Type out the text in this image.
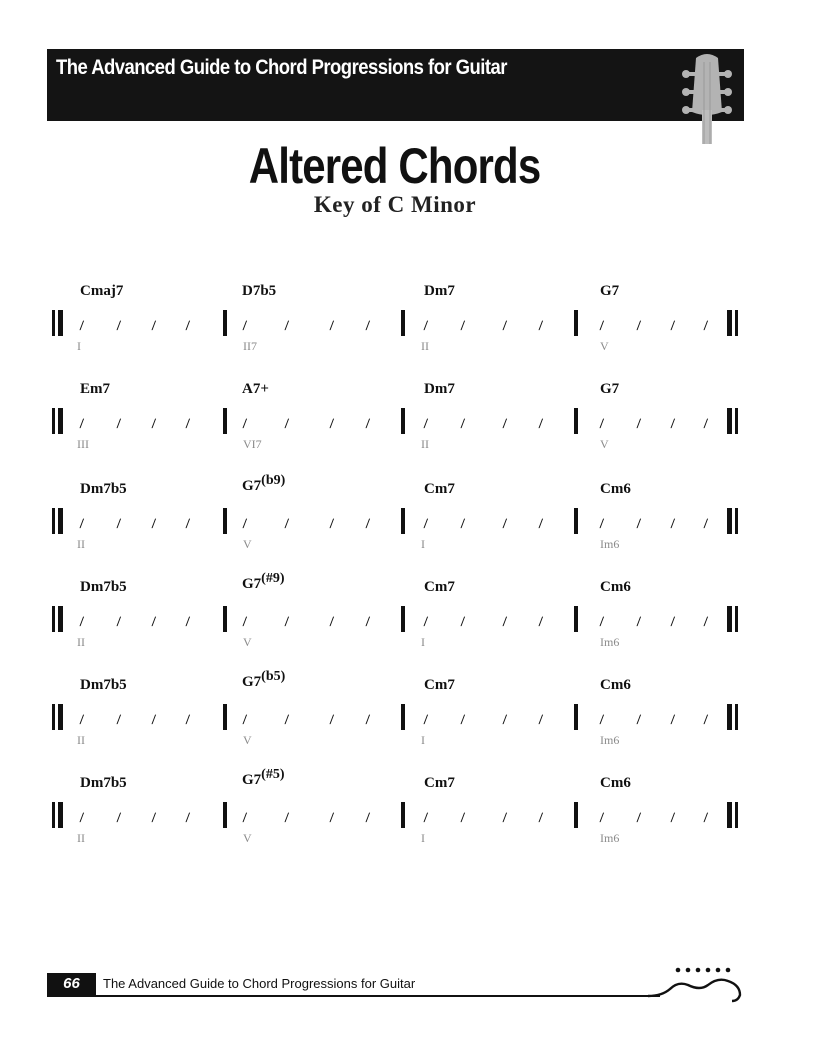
The Advanced Guide to Chord Progressions for Guitar
Altered Chords
Key of C Minor
Cmaj7
/ / / /
I
D7b5
/	/	/ /
II7
Dm7
/ /	/ /
II
G7
/ / / /
V
Em7
/ / / /
III
A7+
/	/	/ /
VI7
Dm7
/ /	/ /
II
G7
/ / / /
V
Dm7b5
/ / / /
II
G7(b9)
/	/	/ /
V
Cm7
/ /	/ /
I
Cm6
/ / / /
Im6
Dm7b5
/ / / /
II
G7(#9)
/	/	/ /
V
Cm7
/ /	/ /
I
Cm6
/ / / /
Im6
Dm7b5
/ / / /
II
G7(b5)
/	/	/ /
V
Cm7
/ /	/ /
I
Cm6
/ / / /
Im6
Dm7b5
/ / / /
II
G7(#5)
/	/	/ /
V
Cm7
/ /	/ /
I
Cm6
/ / / /
Im6
66	The Advanced Guide to Chord Progressions for Guitar
